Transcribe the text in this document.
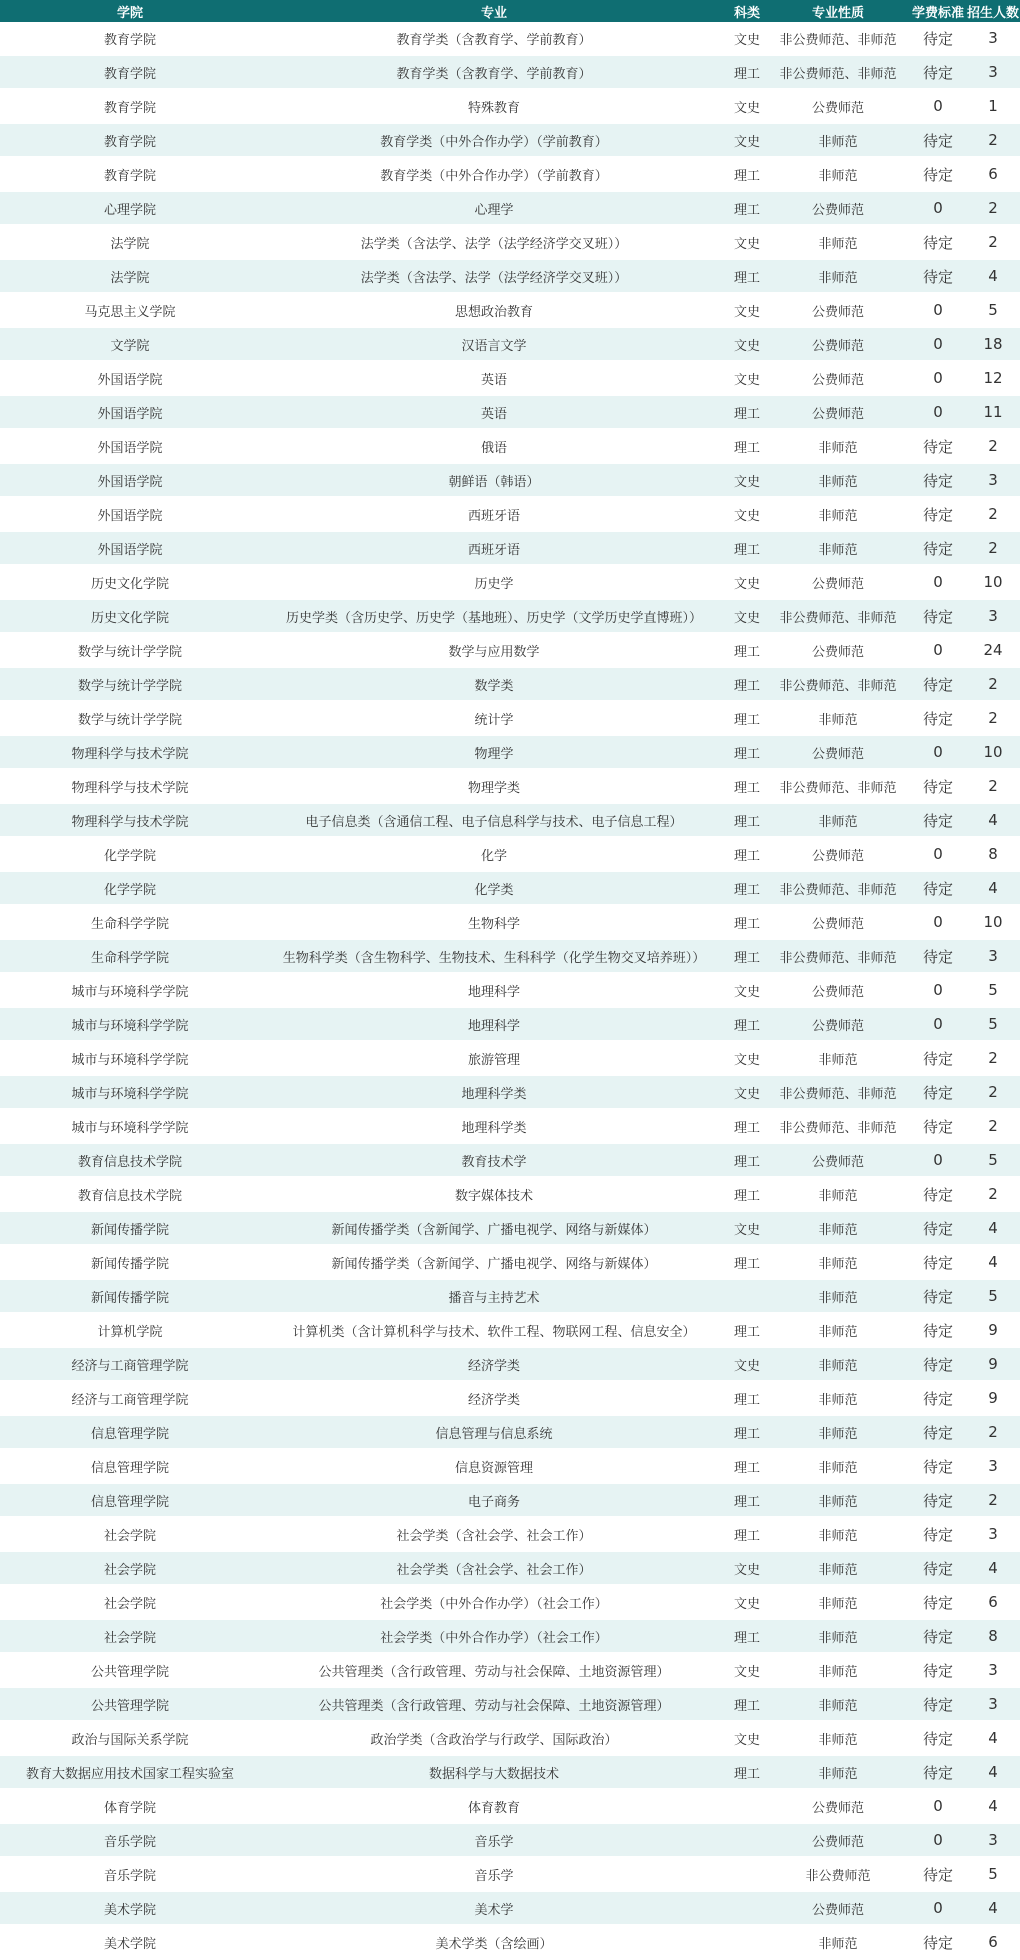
学院	专业	科类	专业性质	学费标准	招生人数
教育学院	教育学类（含教育学、学前教育）	文史	非公费师范、非师范	待定	3
教育学院	教育学类（含教育学、学前教育）	理工	非公费师范、非师范	待定	3
教育学院	特殊教育	文史	公费师范	0	1
教育学院	教育学类（中外合作办学）（学前教育）	文史	非师范	待定	2
教育学院	教育学类（中外合作办学）（学前教育）	理工	非师范	待定	6
心理学院	心理学	理工	公费师范	0	2
法学院	法学类（含法学、法学（法学经济学交叉班））	文史	非师范	待定	2
法学院	法学类（含法学、法学（法学经济学交叉班））	理工	非师范	待定	4
马克思主义学院	思想政治教育	文史	公费师范	0	5
文学院	汉语言文学	文史	公费师范	0	18
外国语学院	英语	文史	公费师范	0	12
外国语学院	英语	理工	公费师范	0	11
外国语学院	俄语	理工	非师范	待定	2
外国语学院	朝鲜语（韩语）	文史	非师范	待定	3
外国语学院	西班牙语	文史	非师范	待定	2
外国语学院	西班牙语	理工	非师范	待定	2
历史文化学院	历史学	文史	公费师范	0	10
历史文化学院	历史学类（含历史学、历史学（基地班）、历史学（文学历史学直博班））	文史	非公费师范、非师范	待定	3
数学与统计学学院	数学与应用数学	理工	公费师范	0	24
数学与统计学学院	数学类	理工	非公费师范、非师范	待定	2
数学与统计学学院	统计学	理工	非师范	待定	2
物理科学与技术学院	物理学	理工	公费师范	0	10
物理科学与技术学院	物理学类	理工	非公费师范、非师范	待定	2
物理科学与技术学院	电子信息类（含通信工程、电子信息科学与技术、电子信息工程）	理工	非师范	待定	4
化学学院	化学	理工	公费师范	0	8
化学学院	化学类	理工	非公费师范、非师范	待定	4
生命科学学院	生物科学	理工	公费师范	0	10
生命科学学院	生物科学类（含生物科学、生物技术、生科科学（化学生物交叉培养班））	理工	非公费师范、非师范	待定	3
城市与环境科学学院	地理科学	文史	公费师范	0	5
城市与环境科学学院	地理科学	理工	公费师范	0	5
城市与环境科学学院	旅游管理	文史	非师范	待定	2
城市与环境科学学院	地理科学类	文史	非公费师范、非师范	待定	2
城市与环境科学学院	地理科学类	理工	非公费师范、非师范	待定	2
教育信息技术学院	教育技术学	理工	公费师范	0	5
教育信息技术学院	数字媒体技术	理工	非师范	待定	2
新闻传播学院	新闻传播学类（含新闻学、广播电视学、网络与新媒体）	文史	非师范	待定	4
新闻传播学院	新闻传播学类（含新闻学、广播电视学、网络与新媒体）	理工	非师范	待定	4
新闻传播学院	播音与主持艺术		非师范	待定	5
计算机学院	计算机类（含计算机科学与技术、软件工程、物联网工程、信息安全）	理工	非师范	待定	9
经济与工商管理学院	经济学类	文史	非师范	待定	9
经济与工商管理学院	经济学类	理工	非师范	待定	9
信息管理学院	信息管理与信息系统	理工	非师范	待定	2
信息管理学院	信息资源管理	理工	非师范	待定	3
信息管理学院	电子商务	理工	非师范	待定	2
社会学院	社会学类（含社会学、社会工作）	理工	非师范	待定	3
社会学院	社会学类（含社会学、社会工作）	文史	非师范	待定	4
社会学院	社会学类（中外合作办学）（社会工作）	文史	非师范	待定	6
社会学院	社会学类（中外合作办学）（社会工作）	理工	非师范	待定	8
公共管理学院	公共管理类（含行政管理、劳动与社会保障、土地资源管理）	文史	非师范	待定	3
公共管理学院	公共管理类（含行政管理、劳动与社会保障、土地资源管理）	理工	非师范	待定	3
政治与国际关系学院	政治学类（含政治学与行政学、国际政治）	文史	非师范	待定	4
教育大数据应用技术国家工程实验室	数据科学与大数据技术	理工	非师范	待定	4
体育学院	体育教育		公费师范	0	4
音乐学院	音乐学		公费师范	0	3
音乐学院	音乐学		非公费师范	待定	5
美术学院	美术学		公费师范	0	4
美术学院	美术学类（含绘画）		非师范	待定	6
